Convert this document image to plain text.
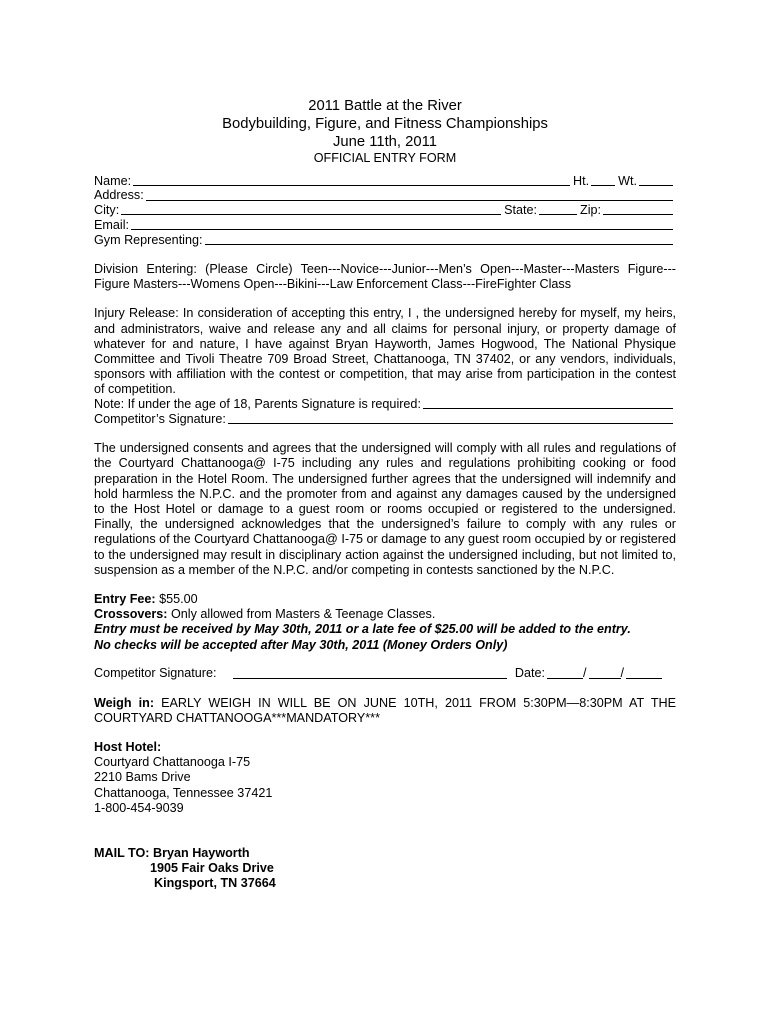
2011 Battle at the River
Bodybuilding, Figure, and Fitness Championships
June 11th, 2011
OFFICIAL ENTRY FORM
Name:	Ht. Wt.
Address:
City:	State:	Zip:
Email:
Gym Representing:

Division Entering: (Please Circle) Teen---Novice---Junior---Men’s Open---Master---Masters Figure---Figure Masters---Womens Open---Bikini---Law Enforcement Class---FireFighter Class

Injury Release: In consideration of accepting this entry, I , the undersigned hereby for myself, my heirs, and administrators, waive and release any and all claims for personal injury, or property damage of whatever for and nature, I have against Bryan Hayworth, James Hogwood, The National Physique Committee and Tivoli Theatre 709 Broad Street, Chattanooga, TN 37402, or any vendors, individuals, sponsors with affiliation with the contest or competition, that may arise from participation in the contest of competition.

Note: If under the age of 18, Parents Signature is required:
Competitor’s Signature:

The undersigned consents and agrees that the undersigned will comply with all rules and regulations of the Courtyard Chattanooga@ I-75 including any rules and regulations prohibiting cooking or food preparation in the Hotel Room. The undersigned further agrees that the undersigned will indemnify and hold harmless the N.P.C. and the promoter from and against any damages caused by the undersigned to the Host Hotel or damage to a guest room or rooms occupied or registered to the undersigned. Finally, the undersigned acknowledges that the undersigned’s failure to comply with any rules or regulations of the Courtyard Chattanooga@ I-75 or damage to any guest room occupied by or registered to the undersigned may result in disciplinary action against the undersigned including, but not limited to, suspension as a member of the N.P.C. and/or competing in contests sanctioned by the N.P.C.

Entry Fee: $55.00
Crossovers: Only allowed from Masters & Teenage Classes.
Entry must be received by May 30th, 2011 or a late fee of $25.00 will be added to the entry.
No checks will be accepted after May 30th, 2011 (Money Orders Only)
Competitor Signature:	Date:	/	/

Weigh in: EARLY WEIGH IN WILL BE ON JUNE 10TH, 2011 FROM 5:30PM—8:30PM AT THE COURTYARD CHATTANOOGA***MANDATORY***

Host Hotel:
Courtyard Chattanooga I-75
2210 Bams Drive
Chattanooga, Tennessee 37421
1-800-454-9039
MAIL TO: Bryan Hayworth
1905 Fair Oaks Drive
Kingsport, TN 37664
